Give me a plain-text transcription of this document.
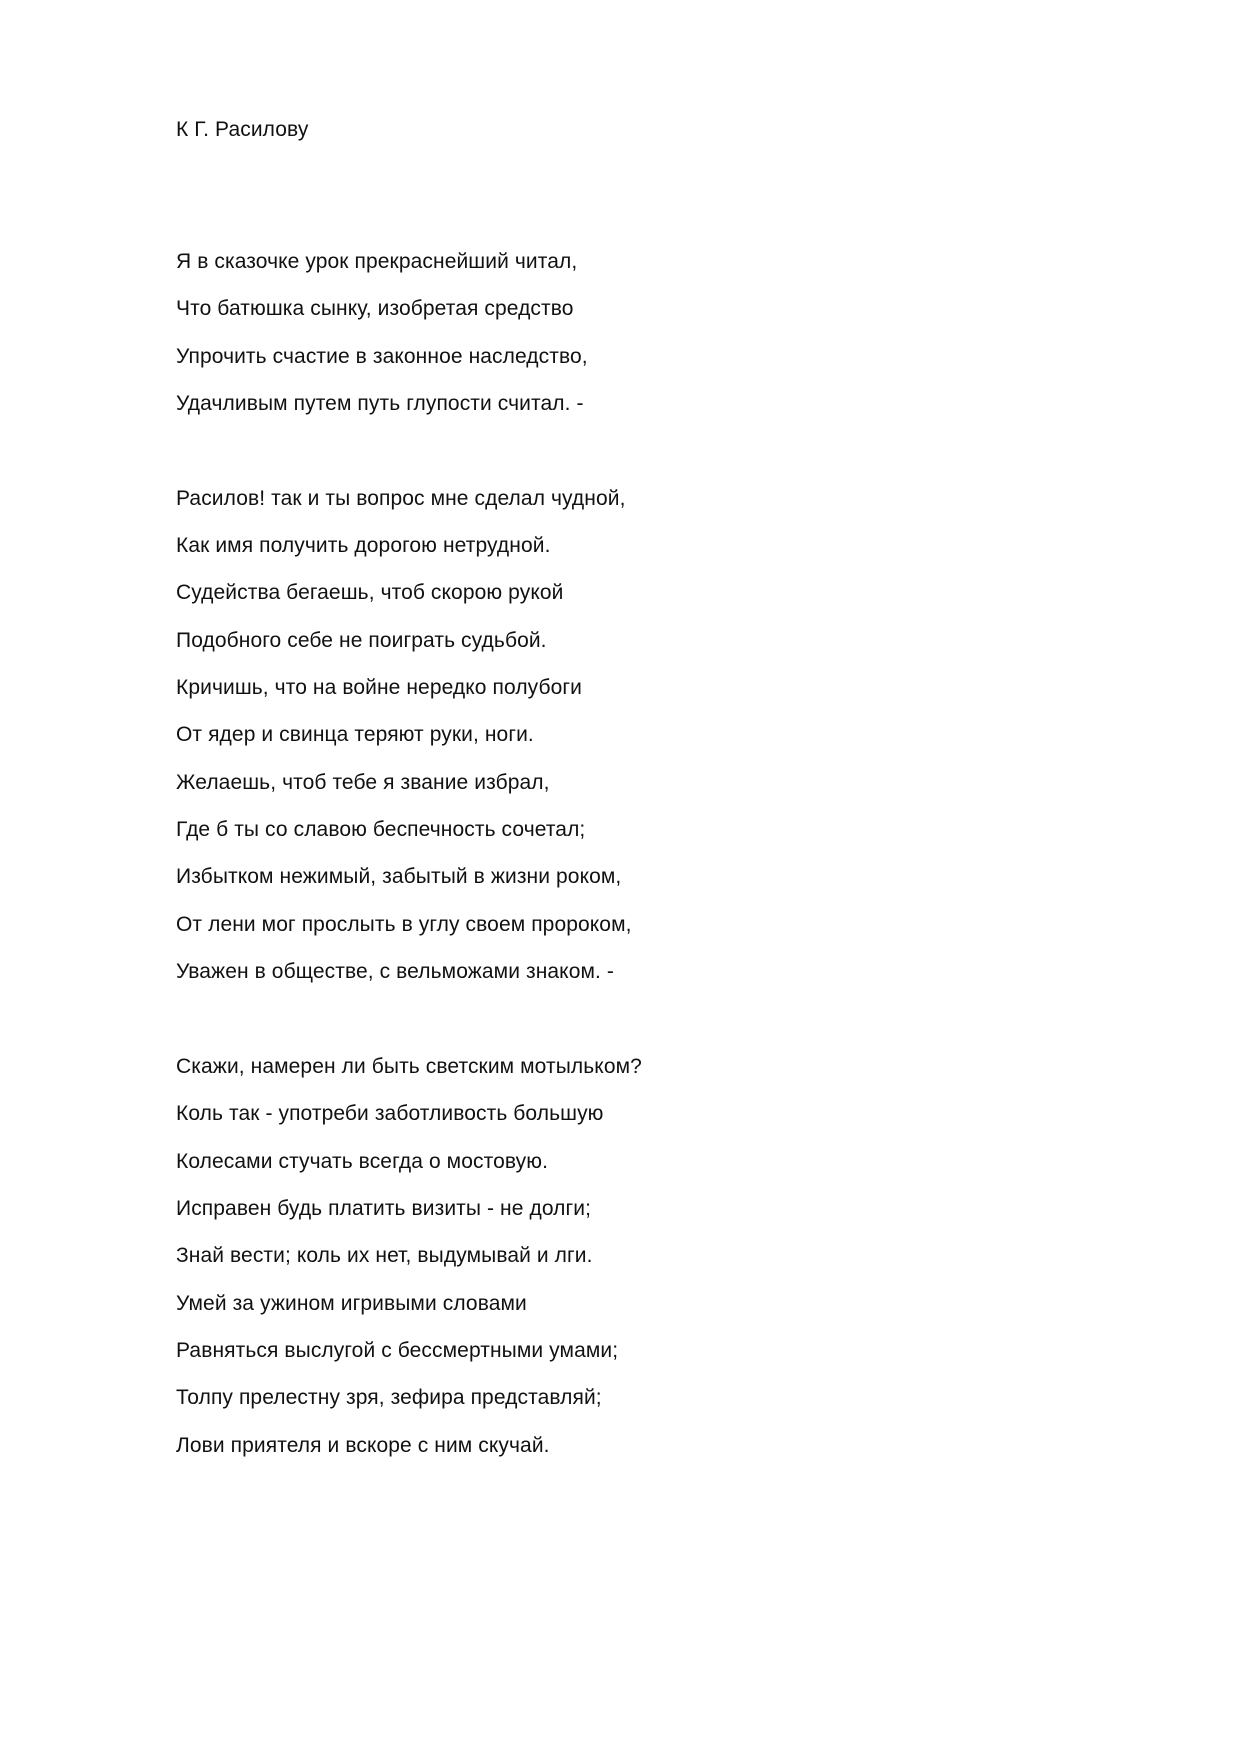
К Г. Расилову
Я в сказочке урок прекраснейший читал,
Что батюшка сынку, изобретая средство
Упрочить счастие в законное наследство,
Удачливым путем путь глупости считал. -
Расилов! так и ты вопрос мне сделал чудной,
Как имя получить дорогою нетрудной.
Судейства бегаешь, чтоб скорою рукой
Подобного себе не поиграть судьбой.
Кричишь, что на войне нередко полубоги
От ядер и свинца теряют руки, ноги.
Желаешь, чтоб тебе я звание избрал,
Где б ты со славою беспечность сочетал;
Избытком нежимый, забытый в жизни роком,
От лени мог прослыть в углу своем пророком,
Уважен в обществе, с вельможами знаком. -
Скажи, намерен ли быть светским мотыльком?
Коль так - употреби заботливость большую
Колесами стучать всегда о мостовую.
Исправен будь платить визиты - не долги;
Знай вести; коль их нет, выдумывай и лги.
Умей за ужином игривыми словами
Равняться выслугой с бессмертными умами;
Толпу прелестну зря, зефира представляй;
Лови приятеля и вскоре с ним скучай.
